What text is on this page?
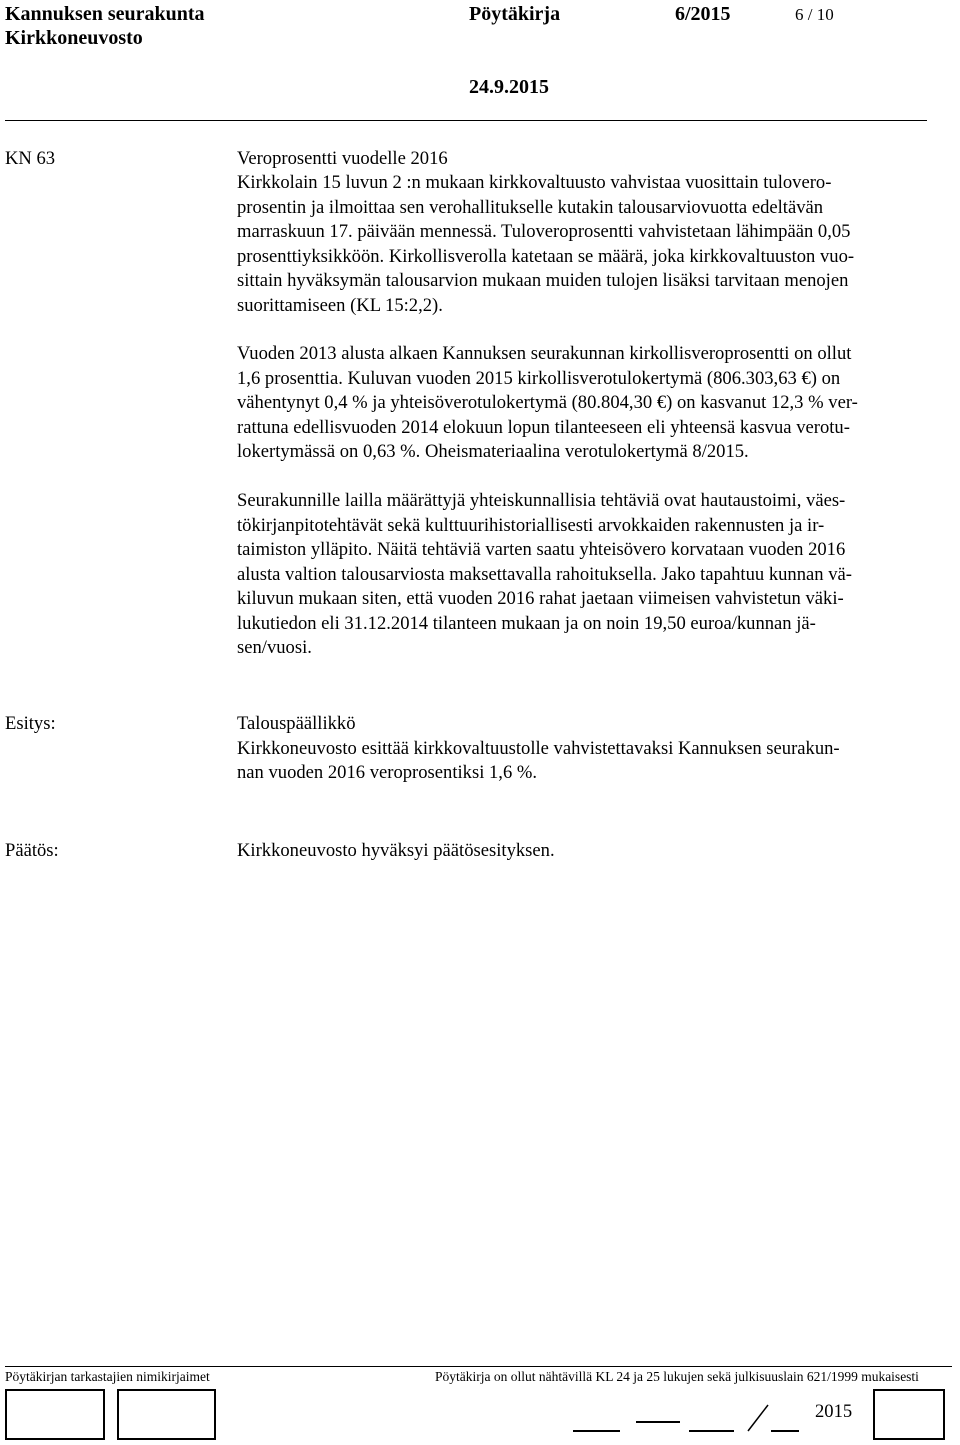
Kannuksen seurakunta
Kirkkoneuvosto
Pöytäkirja	6/2015	6 / 10
24.9.2015
KN 63	Veroprosentti vuodelle 2016
Kirkkolain 15 luvun 2 :n mukaan kirkkovaltuusto vahvistaa vuosittain tulovero-
prosentin ja ilmoittaa sen verohallitukselle kutakin talousarviovuotta edeltävän
marraskuun 17. päivään mennessä. Tuloveroprosentti vahvistetaan lähimpään 0,05
prosenttiyksikköön. Kirkollisverolla katetaan se määrä, joka kirkkovaltuuston vuo-
sittain hyväksymän talousarvion mukaan muiden tulojen lisäksi tarvitaan menojen
suorittamiseen (KL 15:2,2).
Vuoden 2013 alusta alkaen Kannuksen seurakunnan kirkollisveroprosentti on ollut
1,6 prosenttia. Kuluvan vuoden 2015 kirkollisverotulokertymä (806.303,63 €) on
vähentynyt 0,4 % ja yhteisöverotulokertymä (80.804,30 €) on kasvanut 12,3 % ver-
rattuna edellisvuoden 2014 elokuun lopun tilanteeseen eli yhteensä kasvua verotu-
lokertymässä on 0,63 %. Oheismateriaalina verotulokertymä 8/2015.
Seurakunnille lailla määrättyjä yhteiskunnallisia tehtäviä ovat hautaustoimi, väes-
tökirjanpitotehtävät sekä kulttuurihistoriallisesti arvokkaiden rakennusten ja ir-
taimiston ylläpito. Näitä tehtäviä varten saatu yhteisövero korvataan vuoden 2016
alusta valtion talousarviosta maksettavalla rahoituksella. Jako tapahtuu kunnan vä-
kiluvun mukaan siten, että vuoden 2016 rahat jaetaan viimeisen vahvistetun väki-
lukutiedon eli 31.12.2014 tilanteen mukaan ja on noin 19,50 euroa/kunnan jä-
sen/vuosi.
Esitys:	Talouspäällikkö
Kirkkoneuvosto esittää kirkkovaltuustolle vahvistettavaksi Kannuksen seurakun-
nan vuoden 2016 veroprosentiksi 1,6 %.
Päätös:	Kirkkoneuvosto hyväksyi päätösesityksen.
Pöytäkirjan tarkastajien nimikirjaimet	Pöytäkirja on ollut nähtävillä KL 24 ja 25 lukujen sekä julkisuuslain 621/1999 mukaisesti
2015
